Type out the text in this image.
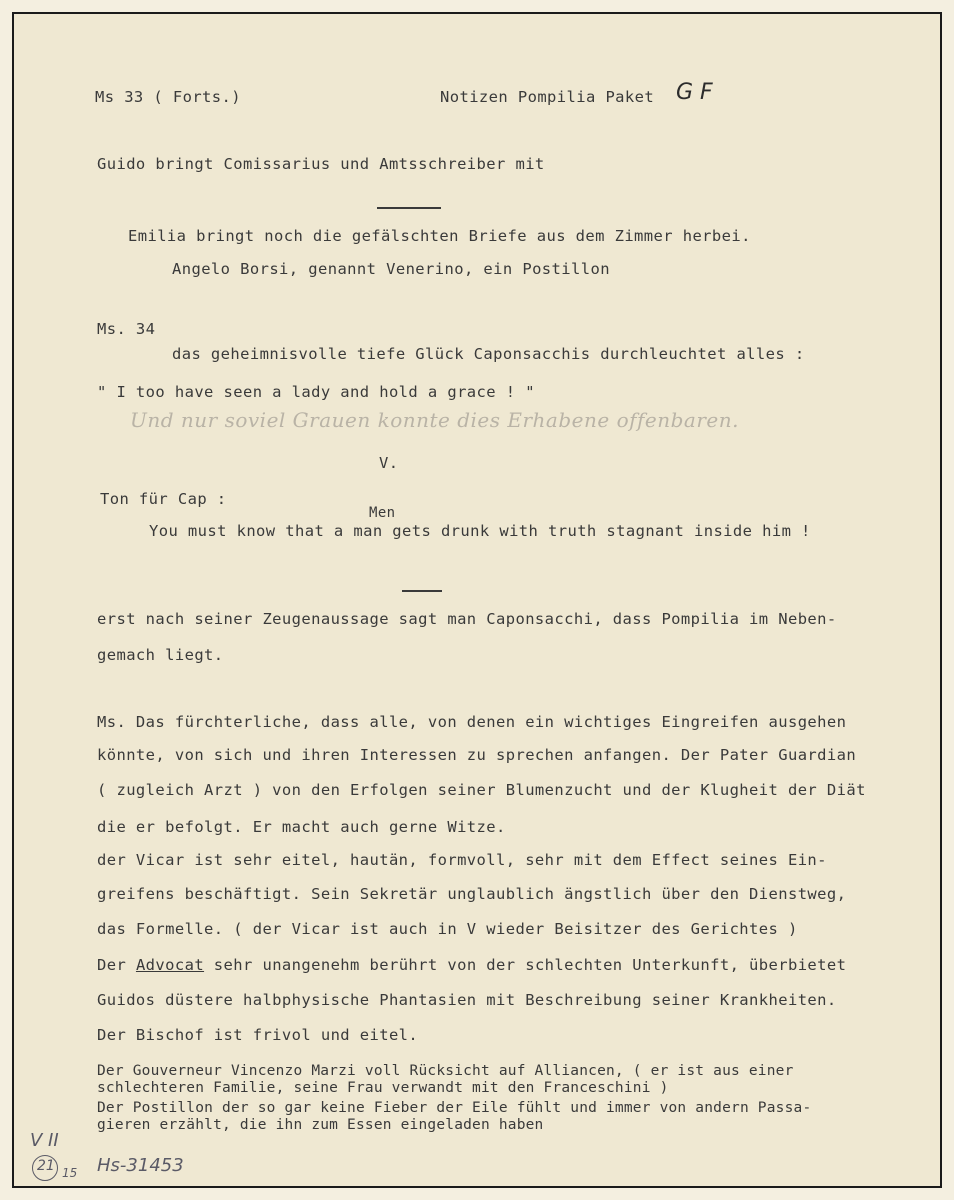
Ms 33 ( Forts.)	Notizen Pompilia Paket G F
Guido bringt Comissarius und Amtsschreiber mit
Emilia bringt noch die gefälschten Briefe aus dem Zimmer herbei.
Angelo Borsi, genannt Venerino, ein Postillon
Ms. 34
das geheimnisvolle tiefe Glück Caponsacchis durchleuchtet alles :
" I too have seen a lady and hold a grace ! "
Und nur soviel Grauen konnte dies Erhabene offenbaren.
V.
Ton für Cap :
Men
You must know that a man gets drunk with truth stagnant inside him !
erst nach seiner Zeugenaussage sagt man Caponsacchi, dass Pompilia im Neben-
gemach liegt.
Ms. Das fürchterliche, dass alle, von denen ein wichtiges Eingreifen ausgehen
könnte, von sich und ihren Interessen zu sprechen anfangen. Der Pater Guardian
( zugleich Arzt ) von den Erfolgen seiner Blumenzucht und der Klugheit der Diät
die er befolgt. Er macht auch gerne Witze.
der Vicar ist sehr eitel, hautän, formvoll, sehr mit dem Effect seines Ein-
greifens beschäftigt. Sein Sekretär unglaublich ängstlich über den Dienstweg,
das Formelle. ( der Vicar ist auch in V wieder Beisitzer des Gerichtes )
Der Advocat sehr unangenehm berührt von der schlechten Unterkunft, überbietet
Guidos düstere halbphysische Phantasien mit Beschreibung seiner Krankheiten.
Der Bischof ist frivol und eitel.
Der Gouverneur Vincenzo Marzi voll Rücksicht auf Alliancen, ( er ist aus einer
schlechteren Familie, seine Frau verwandt mit den Franceschini )
Der Postillon der so gar keine Fieber der Eile fühlt und immer von andern Passa-
gieren erzählt, die ihn zum Essen eingeladen haben
V II
21 15 Hs-31453
